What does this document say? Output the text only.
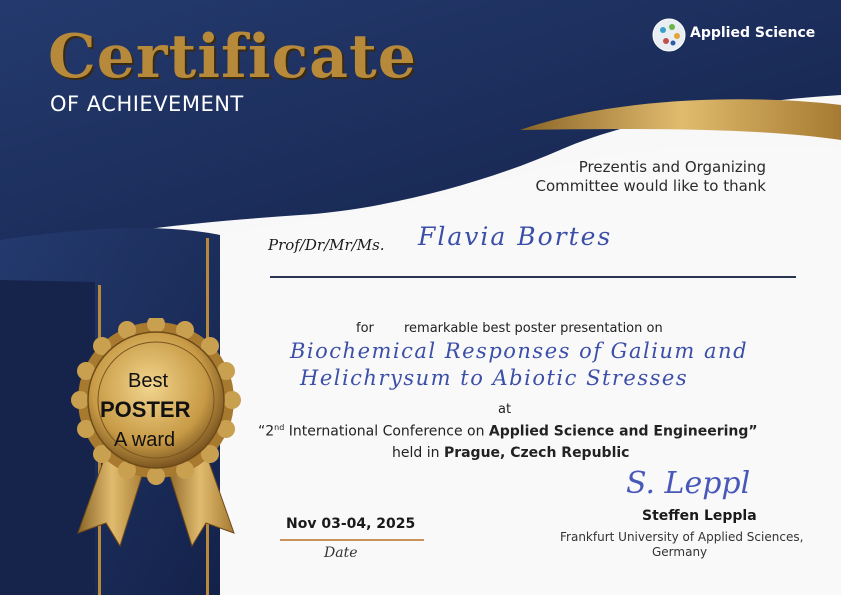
Certificate
OF ACHIEVEMENT
Applied Science
Prezentis and Organizing
Committee would like to thank
Prof/Dr/Mr/Ms. Flavia Bortes
for remarkable best poster presentation on
Biochemical Responses of Galium and
Helichrysum to Abiotic Stresses
at
“2nd International Conference on Applied Science and Engineering”
held in Prague, Czech Republic
Nov 03-04, 2025
Date
S. Leppl
Steffen Leppla
Frankfurt University of Applied Sciences,
Germany
Best
POSTER
A ward
